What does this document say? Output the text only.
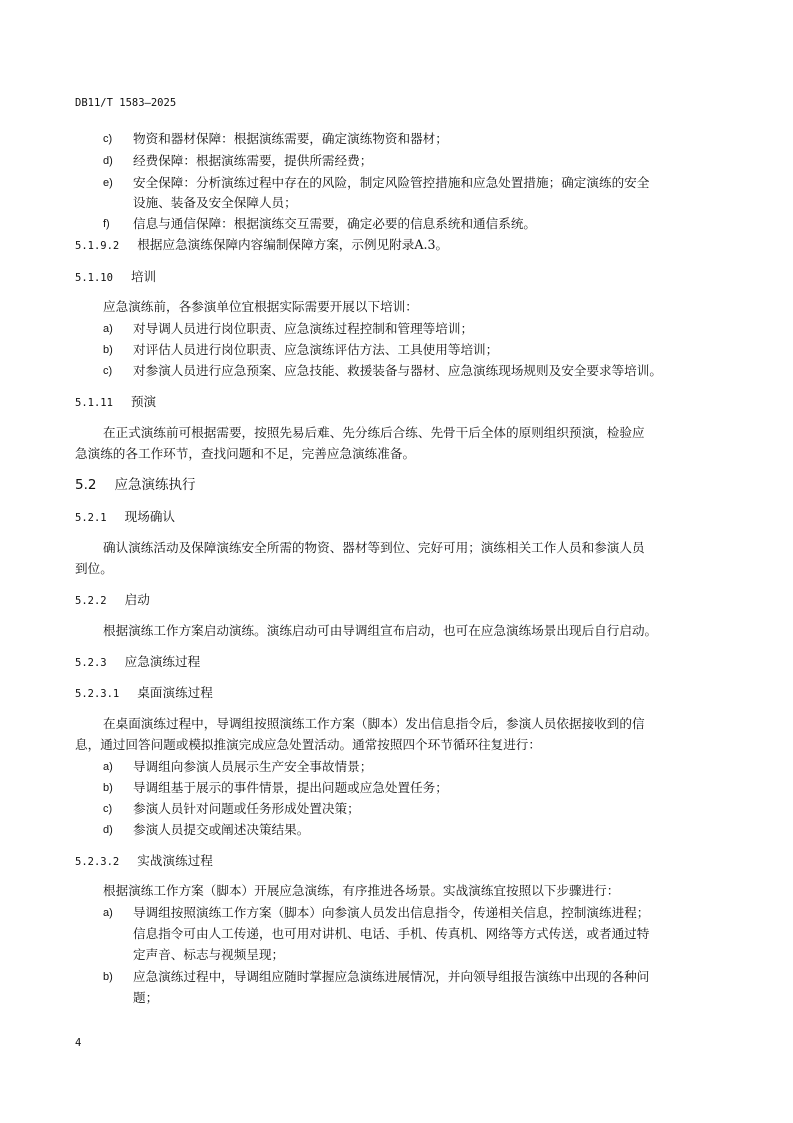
DB11/T 1583—2025
c) 物资和器材保障：根据演练需要，确定演练物资和器材；
d) 经费保障：根据演练需要，提供所需经费；
e) 安全保障：分析演练过程中存在的风险，制定风险管控措施和应急处置措施；确定演练的安全
设施、装备及安全保障人员；
f) 信息与通信保障：根据演练交互需要，确定必要的信息系统和通信系统。
5.1.9.2 根据应急演练保障内容编制保障方案，示例见附录A.3。
5.1.10 培训
应急演练前，各参演单位宜根据实际需要开展以下培训：
a) 对导调人员进行岗位职责、应急演练过程控制和管理等培训；
b) 对评估人员进行岗位职责、应急演练评估方法、工具使用等培训；
c) 对参演人员进行应急预案、应急技能、救援装备与器材、应急演练现场规则及安全要求等培训。
5.1.11 预演
在正式演练前可根据需要，按照先易后难、先分练后合练、先骨干后全体的原则组织预演，检验应
急演练的各工作环节，查找问题和不足，完善应急演练准备。
5.2 应急演练执行
5.2.1 现场确认
确认演练活动及保障演练安全所需的物资、器材等到位、完好可用；演练相关工作人员和参演人员
到位。
5.2.2 启动
根据演练工作方案启动演练。演练启动可由导调组宣布启动，也可在应急演练场景出现后自行启动。
5.2.3 应急演练过程
5.2.3.1 桌面演练过程
在桌面演练过程中，导调组按照演练工作方案（脚本）发出信息指令后，参演人员依据接收到的信
息，通过回答问题或模拟推演完成应急处置活动。通常按照四个环节循环往复进行：
a) 导调组向参演人员展示生产安全事故情景；
b) 导调组基于展示的事件情景，提出问题或应急处置任务；
c) 参演人员针对问题或任务形成处置决策；
d) 参演人员提交或阐述决策结果。
5.2.3.2 实战演练过程
根据演练工作方案（脚本）开展应急演练，有序推进各场景。实战演练宜按照以下步骤进行：
a) 导调组按照演练工作方案（脚本）向参演人员发出信息指令，传递相关信息，控制演练进程；
信息指令可由人工传递，也可用对讲机、电话、手机、传真机、网络等方式传送，或者通过特
定声音、标志与视频呈现；
b) 应急演练过程中，导调组应随时掌握应急演练进展情况，并向领导组报告演练中出现的各种问
题；
4
